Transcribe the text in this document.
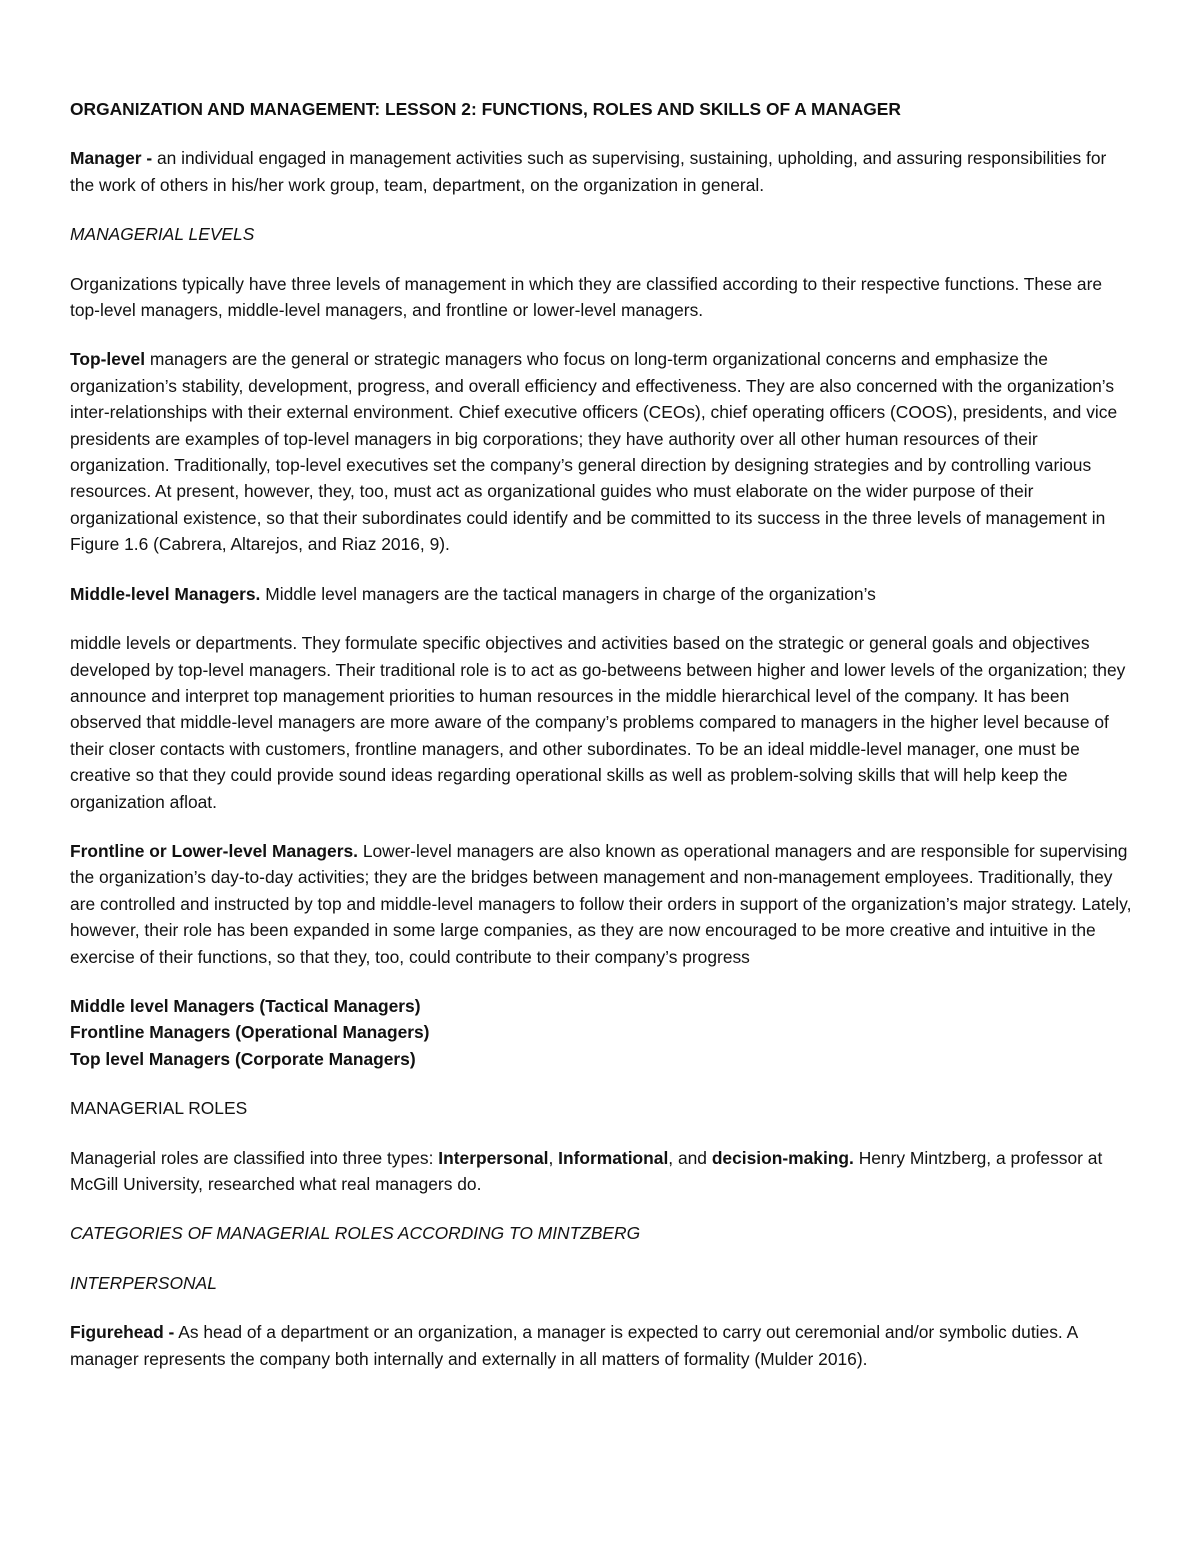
ORGANIZATION AND MANAGEMENT: LESSON 2: FUNCTIONS, ROLES AND SKILLS OF A MANAGER

Manager - an individual engaged in management activities such as supervising, sustaining, upholding, and assuring responsibilities for the work of others in his/her work group, team, department, on the organization in general.

MANAGERIAL LEVELS

Organizations typically have three levels of management in which they are classified according to their respective functions. These are top-level managers, middle-level managers, and frontline or lower-level managers.

Top-level managers are the general or strategic managers who focus on long-term organizational concerns and emphasize the organization’s stability, development, progress, and overall efficiency and effectiveness. They are also concerned with the organization’s inter-relationships with their external environment. Chief executive officers (CEOs), chief operating officers (COOS), presidents, and vice presidents are examples of top-level managers in big corporations; they have authority over all other human resources of their organization. Traditionally, top-level executives set the company’s general direction by designing strategies and by controlling various resources. At present, however, they, too, must act as organizational guides who must elaborate on the wider purpose of their organizational existence, so that their subordinates could identify and be committed to its success in the three levels of management in Figure 1.6 (Cabrera, Altarejos, and Riaz 2016, 9).

Middle-level Managers. Middle level managers are the tactical managers in charge of the organization’s

middle levels or departments. They formulate specific objectives and activities based on the strategic or general goals and objectives developed by top-level managers. Their traditional role is to act as go-betweens between higher and lower levels of the organization; they announce and interpret top management priorities to human resources in the middle hierarchical level of the company. It has been observed that middle-level managers are more aware of the company’s problems compared to managers in the higher level because of their closer contacts with customers, frontline managers, and other subordinates. To be an ideal middle-level manager, one must be creative so that they could provide sound ideas regarding operational skills as well as problem-solving skills that will help keep the organization afloat.

Frontline or Lower-level Managers. Lower-level managers are also known as operational managers and are responsible for supervising the organization’s day-to-day activities; they are the bridges between management and non-management employees. Traditionally, they are controlled and instructed by top and middle-level managers to follow their orders in support of the organization’s major strategy. Lately, however, their role has been expanded in some large companies, as they are now encouraged to be more creative and intuitive in the exercise of their functions, so that they, too, could contribute to their company’s progress

Middle level Managers (Tactical Managers)
Frontline Managers (Operational Managers)
Top level Managers (Corporate Managers)

MANAGERIAL ROLES

Managerial roles are classified into three types: Interpersonal, Informational, and decision-making. Henry Mintzberg, a professor at McGill University, researched what real managers do.

CATEGORIES OF MANAGERIAL ROLES ACCORDING TO MINTZBERG

INTERPERSONAL

Figurehead - As head of a department or an organization, a manager is expected to carry out ceremonial and/or symbolic duties. A manager represents the company both internally and externally in all matters of formality (Mulder 2016).
